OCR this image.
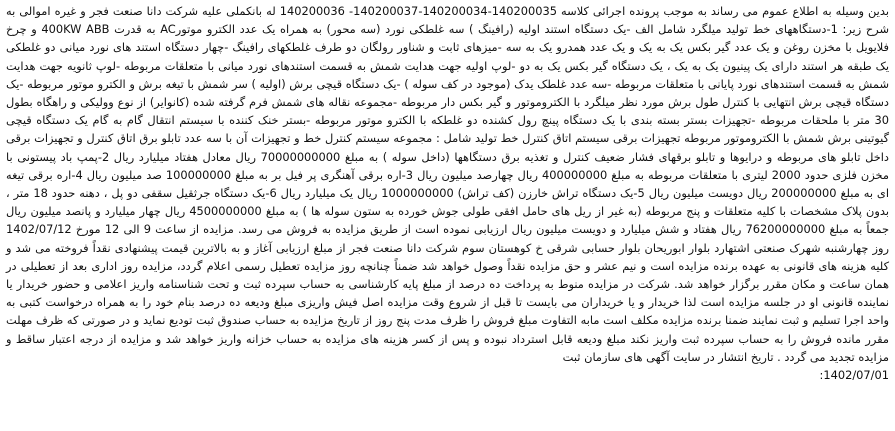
بدین وسیله به اطلاع عموم می رساند به موجب پرونده اجرائی کلاسه 140200035-140200034-140200037- 140200036 له بانکملی علیه شرکت دانا صنعت فجر و غیره اموالی به شرح زیر: 1-دستگاههای خط تولید میلگرد شامل الف -یک دستگاه استند اولیه (رافینگ ) سه غلطکی نورد (سه محور) به همراه یک عدد الکترو موتورAC به قدرت 400KW ABB و چرخ فلایویل با مخزن روغن و یک عدد گیر بکس یک به یک و یک عدد همدرو یک به سه -میزهای ثابت و شناور رولگان دو طرف غلطکهای رافینگ -چهار دستگاه استند های نورد میانی دو غلطکی یک طبقه هر استند دارای یک پینیون یک به یک ، یک دستگاه گیر بکس یک به دو -لوپ اولیه جهت هدایت شمش به قسمت استندهای نورد میانی با متعلقات مربوطه -لوپ ثانویه جهت هدایت شمش به قسمت استندهای نورد پایانی با متعلقات مربوطه -سه عدد غلطک یدک (موجود در کف سوله ) -یک دستگاه قیچی برش (اولیه ) سر شمش با تیغه برش و الکترو موتور مربوطه -یک دستگاه قیچی برش انتهایی با کنترل طول برش مورد نظر میلگرد با الکتروموتور و گیر بکس دار مربوطه -مجموعه نقاله های شمش فرم گرفته شده (کانوایر) از نوع وولیکی و راهگاه بطول 30 متر با ملحقات مربوطه -تجهیزات بستر بسته بندی با یک دستگاه پینچ رول کشنده دو غلطکه با الکترو موتور مربوطه -بستر خنک کننده با سیستم انتقال گام به گام یک دستگاه قیچی گیوتینی برش شمش با الکتروموتور مربوطه تجهیزات برقی سیستم اتاق کنترل خط تولید شامل : مجموعه سیستم کنترل خط و تجهیزات آن با سه عدد تابلو برق اتاق کنترل و تجهیزات برقی داخل تابلو های مربوطه و درایوها و تابلو برقهای فشار ضعیف کنترل و تغذیه برق دستگاهها (داخل سوله ) به مبلغ 70000000000 ریال معادل هفتاد میلیارد ریال 2-پمپ باد پیستونی با مخزن فلزی حدود 2000 لیتری با متعلقات مربوطه به مبلغ 400000000 ریال چهارصد میلیون ریال 3-اره برقی آهنگری پر فیل بر به مبلغ 100000000 صد میلیون ریال 4-اره برقی تیغه ای به مبلغ 200000000 ریال دویست میلیون ریال 5-یک دستگاه تراش خارزن (کف تراش) 1000000000 ریال یک میلیارد ریال 6-یک دستگاه جرثقیل سقفی دو پل ، دهنه حدود 18 متر ، بدون پلاک مشخصات با کلیه متعلقات و پنج مربوطه (به غیر از ریل های حامل افقی طولی جوش خورده به ستون سوله ها ) به مبلغ 4500000000 ریال چهار میلیارد و پانصد میلیون ریال جمعاً به مبلغ 76200000000 ریال هفتاد و شش میلیارد و دویست میلیون ریال ارزیابی نموده است از طریق مزایده به فروش می رسد. مزایده از ساعت 9 الی 12 مورخ 1402/07/12 روز چهارشنبه شهرک صنعتی اشتهارد بلوار ابوریحان بلوار حسابی شرقی خ کوهستان سوم شرکت دانا صنعت فجر از مبلغ ارزیابی آغاز و به بالاترین قیمت پیشنهادی نقداً فروخته می شد و کلیه هزینه های قانونی به عهده برنده مزایده است و نیم عشر و حق مزایده نقداً وصول خواهد شد ضمناً چنانچه روز مزایده تعطیل رسمی اعلام گردد، مزایده روز اداری بعد از تعطیلی در همان ساعت و مکان مقرر برگزار خواهد شد. شرکت در مزایده منوط به پرداخت ده درصد از مبلغ پایه کارشناسی به حساب سپرده ثبت و تحت شناسنامه واریز اعلامی و حضور خریدار یا نماینده قانونی او در جلسه مزایده است لذا خریدار و یا خریداران می بایست تا قبل از شروع وقت مزایده اصل فیش واریزی مبلغ ودیعه ده درصد بنام خود را به همراه درخواست کتبی به واحد اجرا تسلیم و ثبت نمایند ضمنا برنده مزایده مکلف است مابه التفاوت مبلغ فروش را ظرف مدت پنج روز از تاریخ مزایده به حساب صندوق ثبت توديع نمايد و در صورتی که ظرف مهلت مقرر مانده فروش را به حساب سپرده ثبت واریز نکند مبلغ ودیعه قابل استرداد نبوده و پس از کسر هزینه های مزایده به حساب خزانه واریز خواهد شد و مزایده از درجه اعتبار ساقط و مزایده تجدید می گردد . تاریخ انتشار در سایت آگهی های سازمان ثبت
1402/07/01:
